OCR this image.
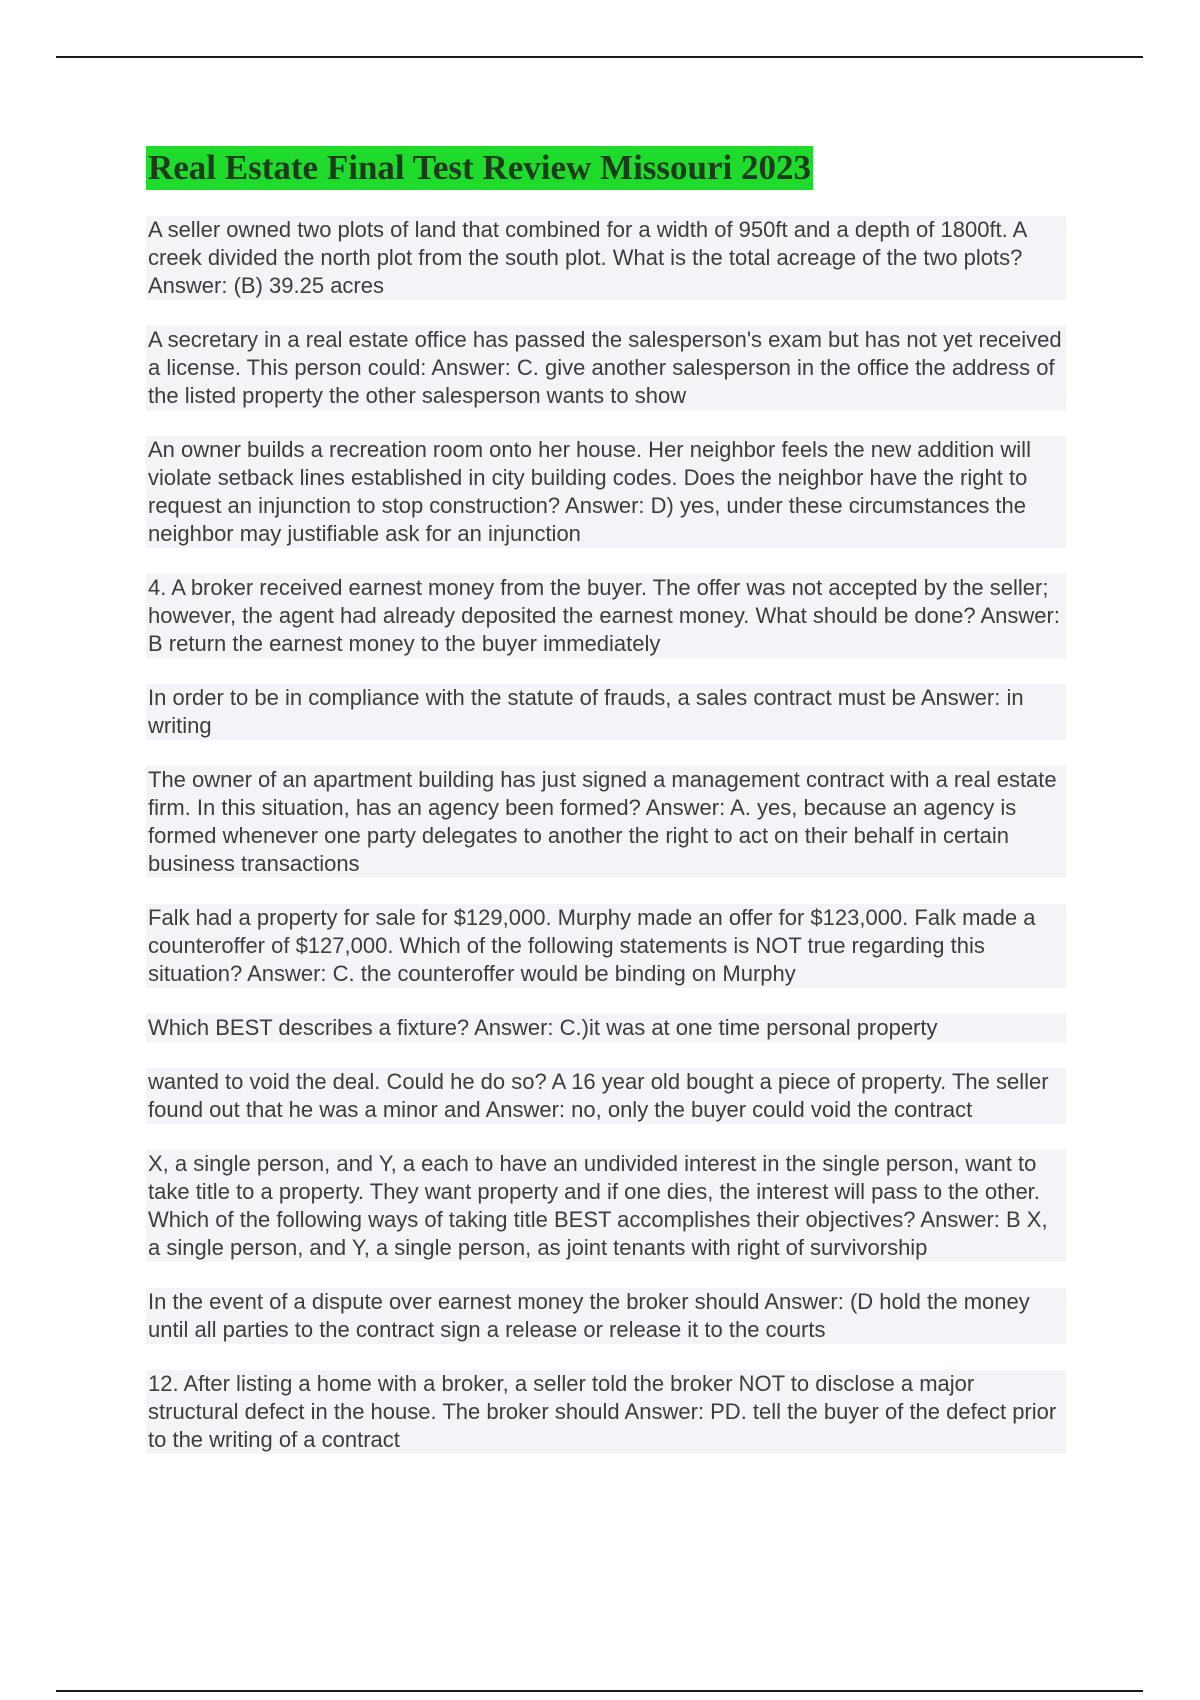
Real Estate Final Test Review Missouri 2023

A seller owned two plots of land that combined for a width of 950ft and a depth of 1800ft. A creek divided the north plot from the south plot. What is the total acreage of the two plots? Answer: (B) 39.25 acres

A secretary in a real estate office has passed the salesperson's exam but has not yet received a license. This person could: Answer: C. give another salesperson in the office the address of the listed property the other salesperson wants to show

An owner builds a recreation room onto her house. Her neighbor feels the new addition will violate setback lines established in city building codes. Does the neighbor have the right to request an injunction to stop construction? Answer: D) yes, under these circumstances the neighbor may justifiable ask for an injunction

4. A broker received earnest money from the buyer. The offer was not accepted by the seller; however, the agent had already deposited the earnest money. What should be done? Answer: B return the earnest money to the buyer immediately

In order to be in compliance with the statute of frauds, a sales contract must be Answer: in writing

The owner of an apartment building has just signed a management contract with a real estate firm. In this situation, has an agency been formed? Answer: A. yes, because an agency is formed whenever one party delegates to another the right to act on their behalf in certain business transactions

Falk had a property for sale for $129,000. Murphy made an offer for $123,000. Falk made a counteroffer of $127,000. Which of the following statements is NOT true regarding this situation? Answer: C. the counteroffer would be binding on Murphy

Which BEST describes a fixture? Answer: C.)it was at one time personal property

wanted to void the deal. Could he do so? A 16 year old bought a piece of property. The seller found out that he was a minor and Answer: no, only the buyer could void the contract

X, a single person, and Y, a each to have an undivided interest in the single person, want to take title to a property. They want property and if one dies, the interest will pass to the other. Which of the following ways of taking title BEST accomplishes their objectives? Answer: B X, a single person, and Y, a single person, as joint tenants with right of survivorship

In the event of a dispute over earnest money the broker should Answer: (D hold the money until all parties to the contract sign a release or release it to the courts

12. After listing a home with a broker, a seller told the broker NOT to disclose a major structural defect in the house. The broker should Answer: PD. tell the buyer of the defect prior to the writing of a contract
